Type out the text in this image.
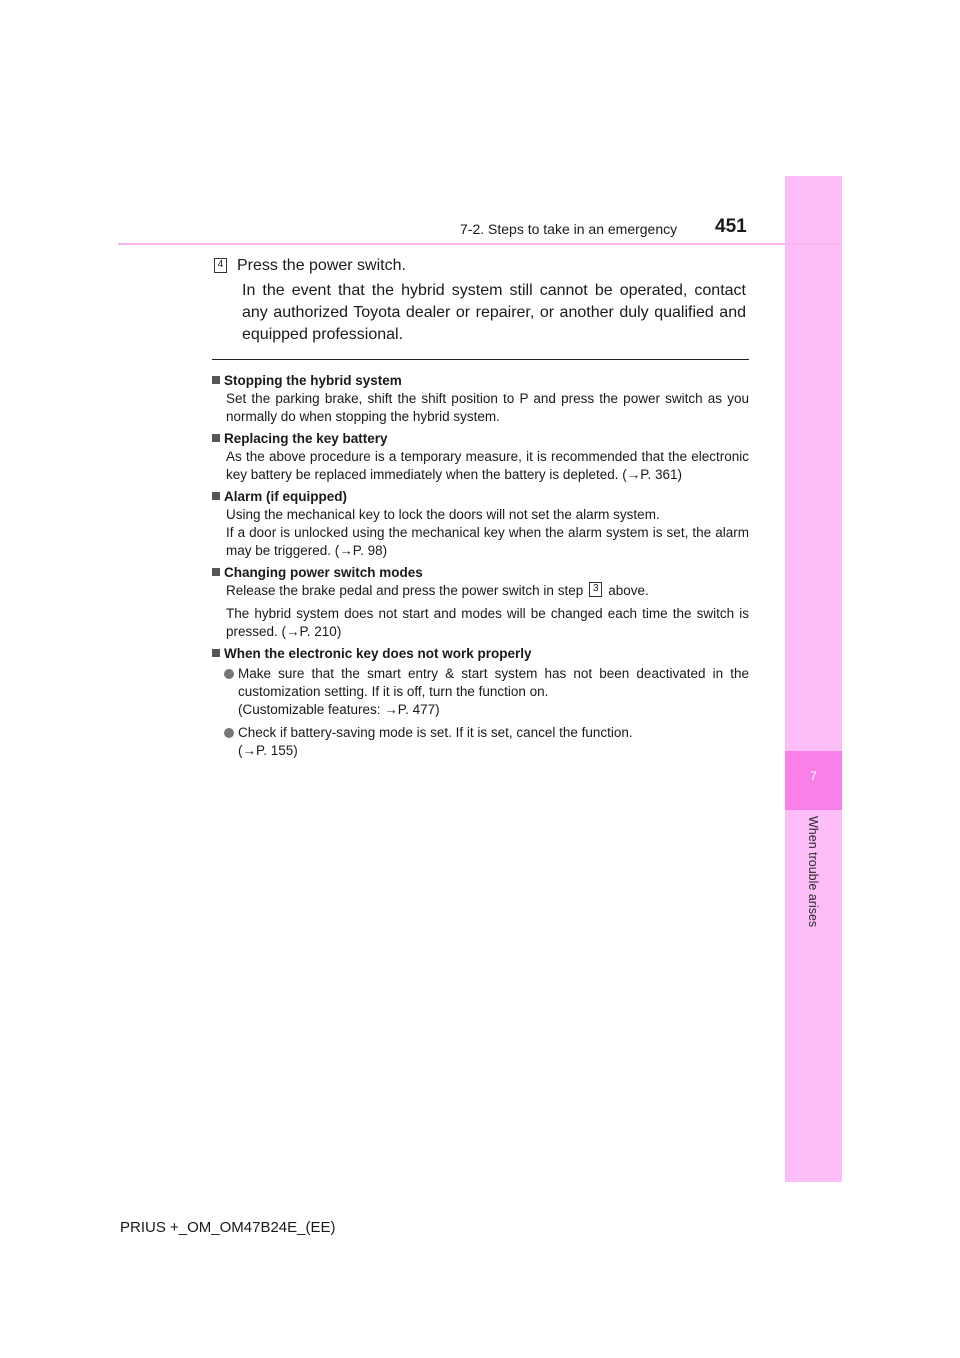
7
When trouble arises
7-2. Steps to take in an emergency 451
4 Press the power switch.
In the event that the hybrid system still cannot be operated, contact any authorized Toyota dealer or repairer, or another duly qualified and equipped professional.
Stopping the hybrid system
Set the parking brake, shift the shift position to P and press the power switch as you normally do when stopping the hybrid system.
Replacing the key battery
As the above procedure is a temporary measure, it is recommended that the electronic key battery be replaced immediately when the battery is depleted. (→P. 361)
Alarm (if equipped)
Using the mechanical key to lock the doors will not set the alarm system.
If a door is unlocked using the mechanical key when the alarm system is set, the alarm may be triggered. (→P. 98)
Changing power switch modes
Release the brake pedal and press the power switch in step 3 above.
The hybrid system does not start and modes will be changed each time the switch is pressed. (→P. 210)
When the electronic key does not work properly
Make sure that the smart entry & start system has not been deactivated in the customization setting. If it is off, turn the function on.
(Customizable features: →P. 477)
Check if battery-saving mode is set. If it is set, cancel the function.
(→P. 155)
PRIUS +_OM_OM47B24E_(EE)
